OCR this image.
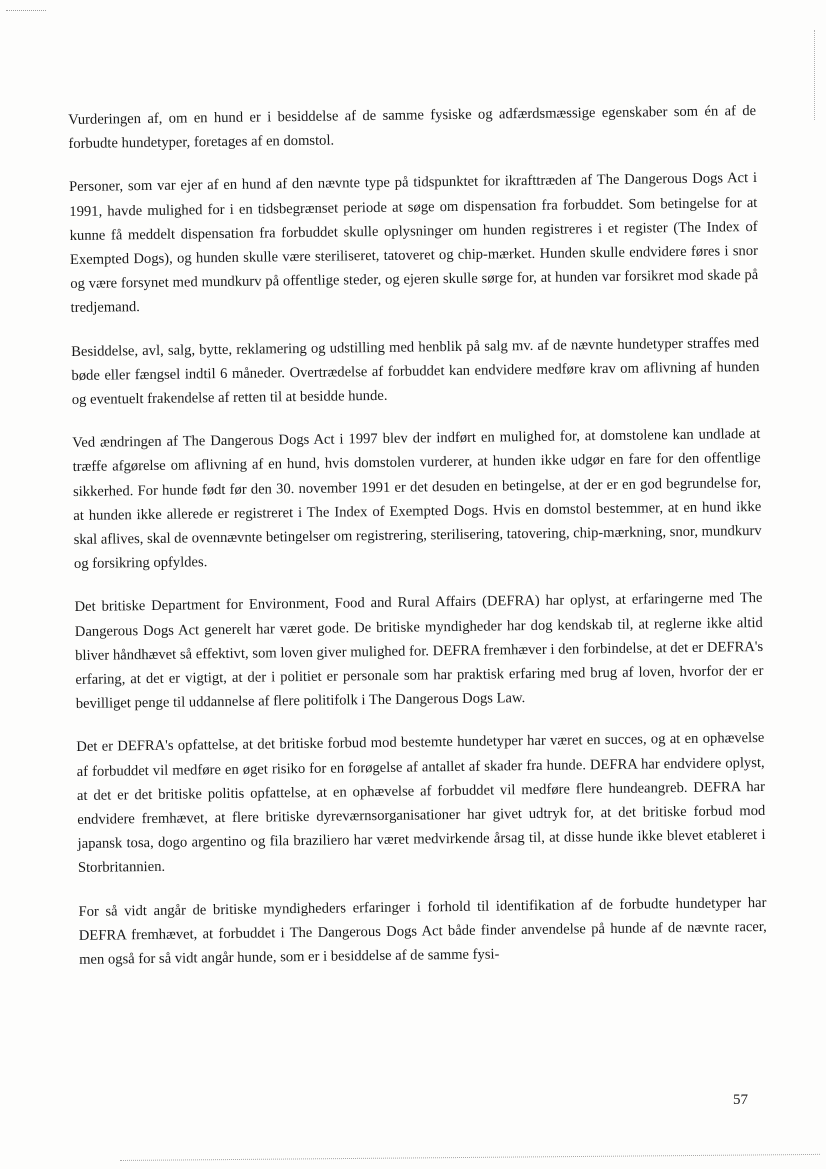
Vurderingen af, om en hund er i besiddelse af de samme fysiske og adfærdsmæssige egenskaber som én af de forbudte hundetyper, foretages af en domstol.

Personer, som var ejer af en hund af den nævnte type på tidspunktet for ikrafttræden af The Dangerous Dogs Act i 1991, havde mulighed for i en tidsbegrænset periode at søge om dispensation fra forbuddet. Som betingelse for at kunne få meddelt dispensation fra forbuddet skulle oplysninger om hunden registreres i et register (The Index of Exempted Dogs), og hunden skulle være steriliseret, tatoveret og chip-mærket. Hunden skulle endvidere føres i snor og være forsynet med mundkurv på offentlige steder, og ejeren skulle sørge for, at hunden var forsikret mod skade på tredjemand.

Besiddelse, avl, salg, bytte, reklamering og udstilling med henblik på salg mv. af de nævnte hundetyper straffes med bøde eller fængsel indtil 6 måneder. Overtrædelse af forbuddet kan endvidere medføre krav om aflivning af hunden og eventuelt frakendelse af retten til at besidde hunde.

Ved ændringen af The Dangerous Dogs Act i 1997 blev der indført en mulighed for, at domstolene kan undlade at træffe afgørelse om aflivning af en hund, hvis domstolen vurderer, at hunden ikke udgør en fare for den offentlige sikkerhed. For hunde født før den 30. november 1991 er det desuden en betingelse, at der er en god begrundelse for, at hunden ikke allerede er registreret i The Index of Exempted Dogs. Hvis en domstol bestemmer, at en hund ikke skal aflives, skal de ovennævnte betingelser om registrering, sterilisering, tatovering, chip-mærkning, snor, mundkurv og forsikring opfyldes.

Det britiske Department for Environment, Food and Rural Affairs (DEFRA) har oplyst, at erfaringerne med The Dangerous Dogs Act generelt har været gode. De britiske myndigheder har dog kendskab til, at reglerne ikke altid bliver håndhævet så effektivt, som loven giver mulighed for. DEFRA fremhæver i den forbindelse, at det er DEFRA's erfaring, at det er vigtigt, at der i politiet er personale som har praktisk erfaring med brug af loven, hvorfor der er bevilliget penge til uddannelse af flere politifolk i The Dangerous Dogs Law.

Det er DEFRA's opfattelse, at det britiske forbud mod bestemte hundetyper har været en succes, og at en ophævelse af forbuddet vil medføre en øget risiko for en forøgelse af antallet af skader fra hunde. DEFRA har endvidere oplyst, at det er det britiske politis opfattelse, at en ophævelse af forbuddet vil medføre flere hundeangreb. DEFRA har endvidere fremhævet, at flere britiske dyreværnsorganisationer har givet udtryk for, at det britiske forbud mod japansk tosa, dogo argentino og fila braziliero har været medvirkende årsag til, at disse hunde ikke blevet etableret i Storbritannien.

For så vidt angår de britiske myndigheders erfaringer i forhold til identifikation af de forbudte hundetyper har DEFRA fremhævet, at forbuddet i The Dangerous Dogs Act både finder anvendelse på hunde af de nævnte racer, men også for så vidt angår hunde, som er i besiddelse af de samme fysi-

57
